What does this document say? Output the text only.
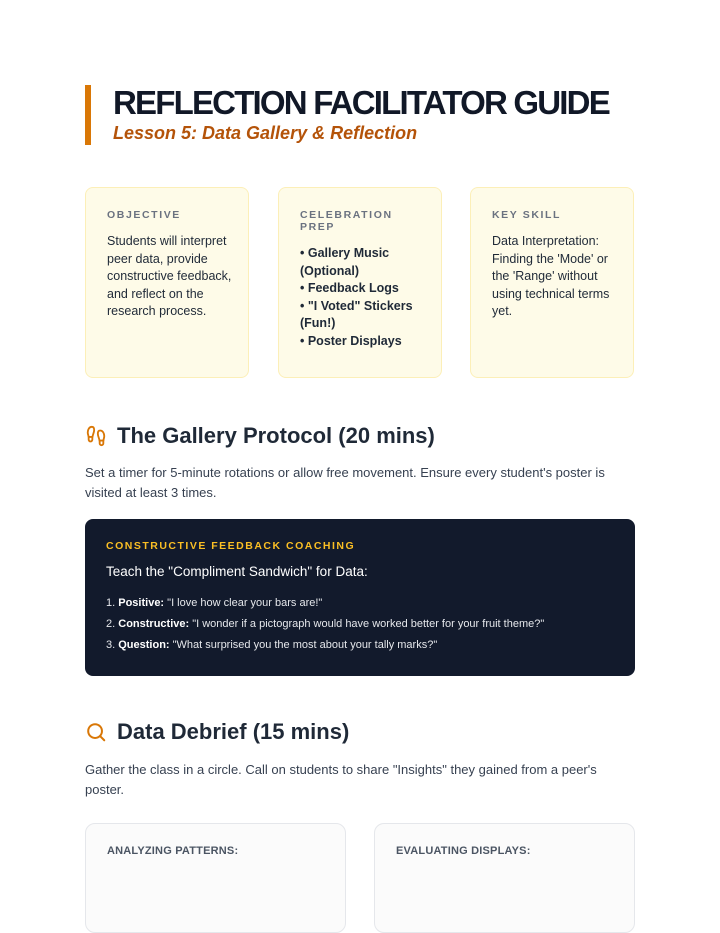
REFLECTION FACILITATOR GUIDE
Lesson 5: Data Gallery & Reflection
OBJECTIVE

Students will interpret peer data, provide constructive feedback, and reflect on the research process.

CELEBRATION PREP
• Gallery Music (Optional)
• Feedback Logs
• "I Voted" Stickers (Fun!)
• Poster Displays
KEY SKILL

Data Interpretation: Finding the 'Mode' or the 'Range' without using technical terms yet.

The Gallery Protocol (20 mins)

Set a timer for 5-minute rotations or allow free movement. Ensure every student's poster is visited at least 3 times.

CONSTRUCTIVE FEEDBACK COACHING
Teach the "Compliment Sandwich" for Data:
1. Positive: "I love how clear your bars are!"
2. Constructive: "I wonder if a pictograph would have worked better for your fruit theme?"
3. Question: "What surprised you the most about your tally marks?"
Data Debrief (15 mins)

Gather the class in a circle. Call on students to share "Insights" they gained from a peer's poster.

ANALYZING PATTERNS:	EVALUATING DISPLAYS:
